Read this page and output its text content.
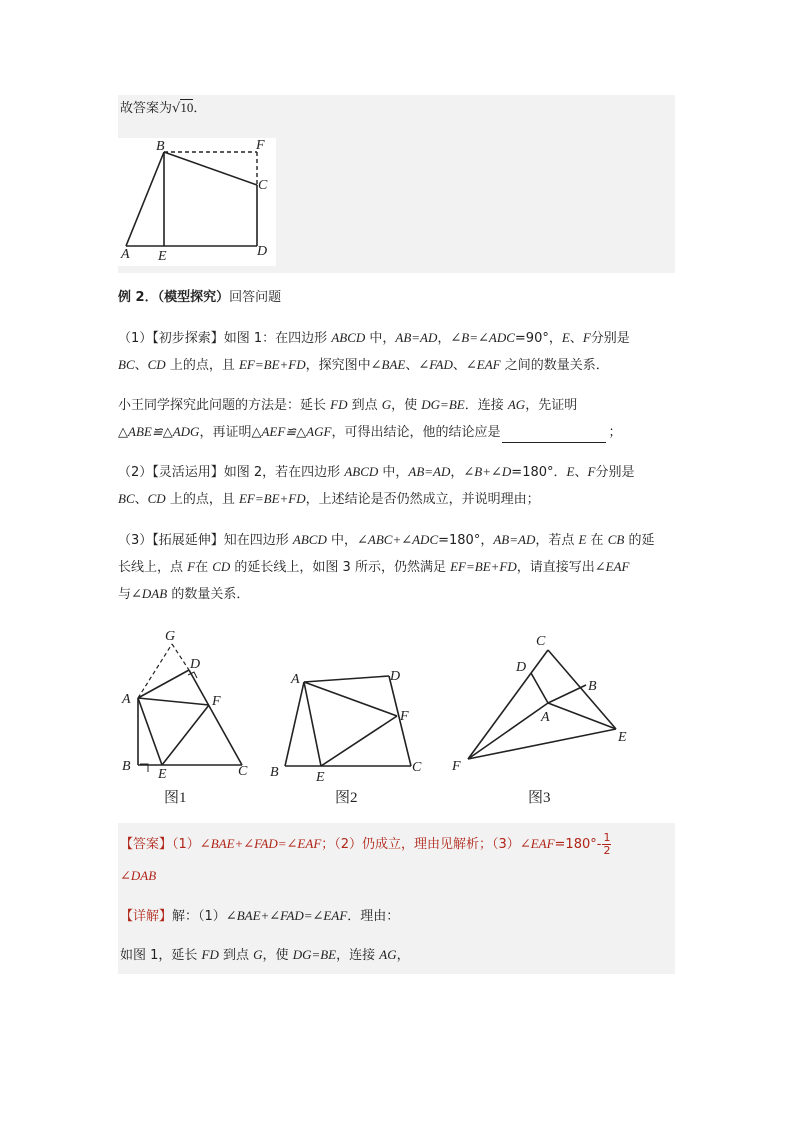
故答案为√10．
B	F
C
A E	D
例 2．（模型探究）回答问题
（1）【初步探索】如图 1：在四边形 ABCD 中，AB=AD，∠B=∠ADC=90°，E、F分别是
BC、CD 上的点，且 EF=BE+FD，探究图中∠BAE、∠FAD、∠EAF 之间的数量关系．
小王同学探究此问题的方法是：延长 FD 到点 G，使 DG=BE．连接 AG，先证明
△ABE≌△ADG，再证明△AEF≌△AGF，可得出结论，他的结论应是	；
（2）【灵活运用】如图 2，若在四边形 ABCD 中，AB=AD，∠B+∠D=180°．E、F分别是
BC、CD 上的点，且 EF=BE+FD，上述结论是否仍然成立，并说明理由；
（3）【拓展延伸】知在四边形 ABCD 中，∠ABC+∠ADC=180°，AB=AD，若点 E 在 CB 的延
长线上，点 F在 CD 的延长线上，如图 3 所示，仍然满足 EF=BE+FD，请直接写出∠EAF
与∠DAB 的数量关系．
G
D
A	F
B
E	C
图1
A	D
F
B	E
C
图2
C
D
B
A
E
F
图3
【答案】（1）∠BAE+∠FAD=∠EAF；（2）仍成立，理由见解析；（3）∠EAF=180°- $\frac{1}{2}$
∠DAB
【详解】解：（1）∠BAE+∠FAD=∠EAF．理由：
如图 1，延长 FD 到点 G，使 DG=BE，连接 AG，
